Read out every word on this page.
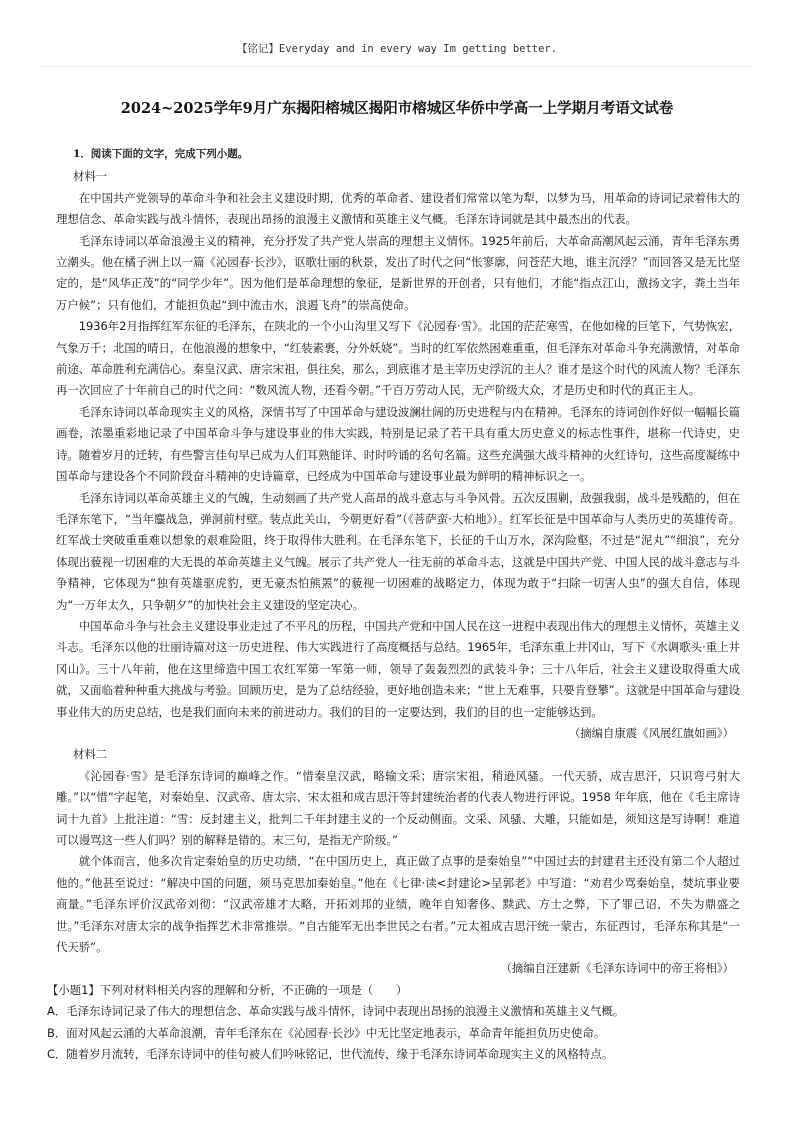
【铭记】Everyday and in every way Im getting better.
2024~2025学年9月广东揭阳榕城区揭阳市榕城区华侨中学高一上学期月考语文试卷

1．阅读下面的文字，完成下列小题。

材料一

在中国共产党领导的革命斗争和社会主义建设时期，优秀的革命者、建设者们常常以笔为犁，以梦为马，用革命的诗词记录着伟大的理想信念、革命实践与战斗情怀，表现出昂扬的浪漫主义激情和英雄主义气概。毛泽东诗词就是其中最杰出的代表。

毛泽东诗词以革命浪漫主义的精神，充分抒发了共产党人崇高的理想主义情怀。1925年前后，大革命高潮风起云涌，青年毛泽东勇立潮头。他在橘子洲上以一篇《沁园春·长沙》，讴歌壮丽的秋景，发出了时代之问“怅寥廓，问苍茫大地，谁主沉浮？”而回答又是无比坚定的，是“风华正茂”的“同学少年”。因为他们是革命理想的象征，是新世界的开创者，只有他们，才能“指点江山，激扬文字，粪土当年万户候”；只有他们，才能担负起“到中流击水，浪遏飞舟”的崇高使命。

1936年2月指挥红军东征的毛泽东，在陕北的一个小山沟里又写下《沁园春·雪》。北国的茫茫寒雪，在他如椽的巨笔下，气势恢宏，气象万千；北国的晴日，在他浪漫的想象中，“红装素裹，分外妖娆”。当时的红军依然困难重重，但毛泽东对革命斗争充满激情，对革命前途、革命胜利充满信心。秦皇汉武、唐宗宋祖，俱往矣，那么，到底谁才是主宰历史浮沉的主人？谁才是这个时代的风流人物？毛泽东再一次回应了十年前自己的时代之问：“数风流人物，还看今朝。”千百万劳动人民，无产阶级大众，才是历史和时代的真正主人。

毛泽东诗词以革命现实主义的风格，深情书写了中国革命与建设波澜壮阔的历史进程与内在精神。毛泽东的诗词创作好似一幅幅长篇画卷，浓墨重彩地记录了中国革命斗争与建设事业的伟大实践，特别是记录了若干具有重大历史意义的标志性事件，堪称一代诗史，史诗。随着岁月的迁转，有些警言佳句早已成为人们耳熟能详、时时吟诵的名句名篇。这些充满强大战斗精神的火红诗句，这些高度凝练中国革命与建设各个不同阶段奋斗精神的史诗篇章，已经成为中国革命与建设事业最为鲜明的精神标识之一。

毛泽东诗词以革命英雄主义的气魄，生动刻画了共产党人高昂的战斗意志与斗争风骨。五次反围剿，敌强我弱，战斗是残酷的，但在毛泽东笔下，“当年鏖战急，弹洞前村壁。装点此关山，今朝更好看”（《菩萨蛮·大柏地》）。红军长征是中国革命与人类历史的英雄传奇。红军战士突破重重难以想象的艰难险阻，终于取得伟大胜利。在毛泽东笔下，长征的千山万水，深沟险壑，不过是“泥丸”“细浪”，充分体现出藐视一切困难的大无畏的革命英雄主义气魄。展示了共产党人一往无前的革命斗志，这就是中国共产党、中国人民的战斗意志与斗争精神，它体现为“独有英雄驱虎豹，更无豪杰怕熊罴”的藐视一切困难的战略定力，体现为敢于“扫除一切害人虫”的强大自信，体现为“一万年太久，只争朝夕”的加快社会主义建设的坚定决心。

中国革命斗争与社会主义建设事业走过了不平凡的历程，中国共产党和中国人民在这一进程中表现出伟大的理想主义情怀，英雄主义斗志。毛泽东以他的壮丽诗篇对这一历史进程、伟大实践进行了高度概括与总结。1965年，毛泽东重上井冈山，写下《水调歌头·重上井冈山》。三十八年前，他在这里缔造中国工农红军第一军第一师，领导了轰轰烈烈的武装斗争；三十八年后，社会主义建设取得重大成就，又面临着种种重大挑战与考验。回顾历史，是为了总结经验，更好地创造未来；“世上无难事，只要肯登攀”。这就是中国革命与建设事业伟大的历史总结，也是我们面向未来的前进动力。我们的目的一定要达到，我们的目的也一定能够达到。

（摘编自康震《风展红旗如画》）

材料二

《沁园春·雪》是毛泽东诗词的巅峰之作。“惜秦皇汉武，略输文采；唐宗宋祖，稍逊风骚。一代天骄，成吉思汗，只识弯弓射大雕。”以“惜”字起笔，对秦始皇、汉武帝、唐太宗、宋太祖和成吉思汗等封建统治者的代表人物进行评说。1958 年年底，他在《毛主席诗词十九首》上批注道：“雪：反封建主义，批判二千年封建主义的一个反动侧面。文采、风骚、大雕，只能如是，须知这是写诗啊！难道可以谩骂这一些人们吗？别的解释是错的。末三句，是指无产阶级。”

就个体而言，他多次肯定秦始皇的历史功绩，“在中国历史上，真正做了点事的是秦始皇”“中国过去的封建君主还没有第二个人超过他的。”他甚至说过：“解决中国的问题，须马克思加秦始皇。”他在《七律·读<封建论>呈郭老》中写道：“劝君少骂秦始皇，焚坑事业要商量。”毛泽东评价汉武帝刘彻：“汉武帝雄才大略，开拓刘邦的业绩，晚年自知奢侈、黩武、方士之弊，下了罪己诏，不失为鼎盛之世。”毛泽东对唐太宗的战争指挥艺术非常推崇。“自古能军无出李世民之右者。”元太祖成吉思汗统一蒙古，东征西讨，毛泽东称其是“一代天骄”。

（摘编自汪建新《毛泽东诗词中的帝王将相》）

【小题1】下列对材料相关内容的理解和分析，不正确的一项是（　　）

A．毛泽东诗词记录了伟大的理想信念、革命实践与战斗情怀，诗词中表现出昂扬的浪漫主义激情和英雄主义气概。

B．面对风起云涌的大革命浪潮，青年毛泽东在《沁园春·长沙》中无比坚定地表示，革命青年能担负历史使命。

C．随着岁月流转，毛泽东诗词中的佳句被人们吟咏铭记，世代流传，缘于毛泽东诗词革命现实主义的风格特点。
